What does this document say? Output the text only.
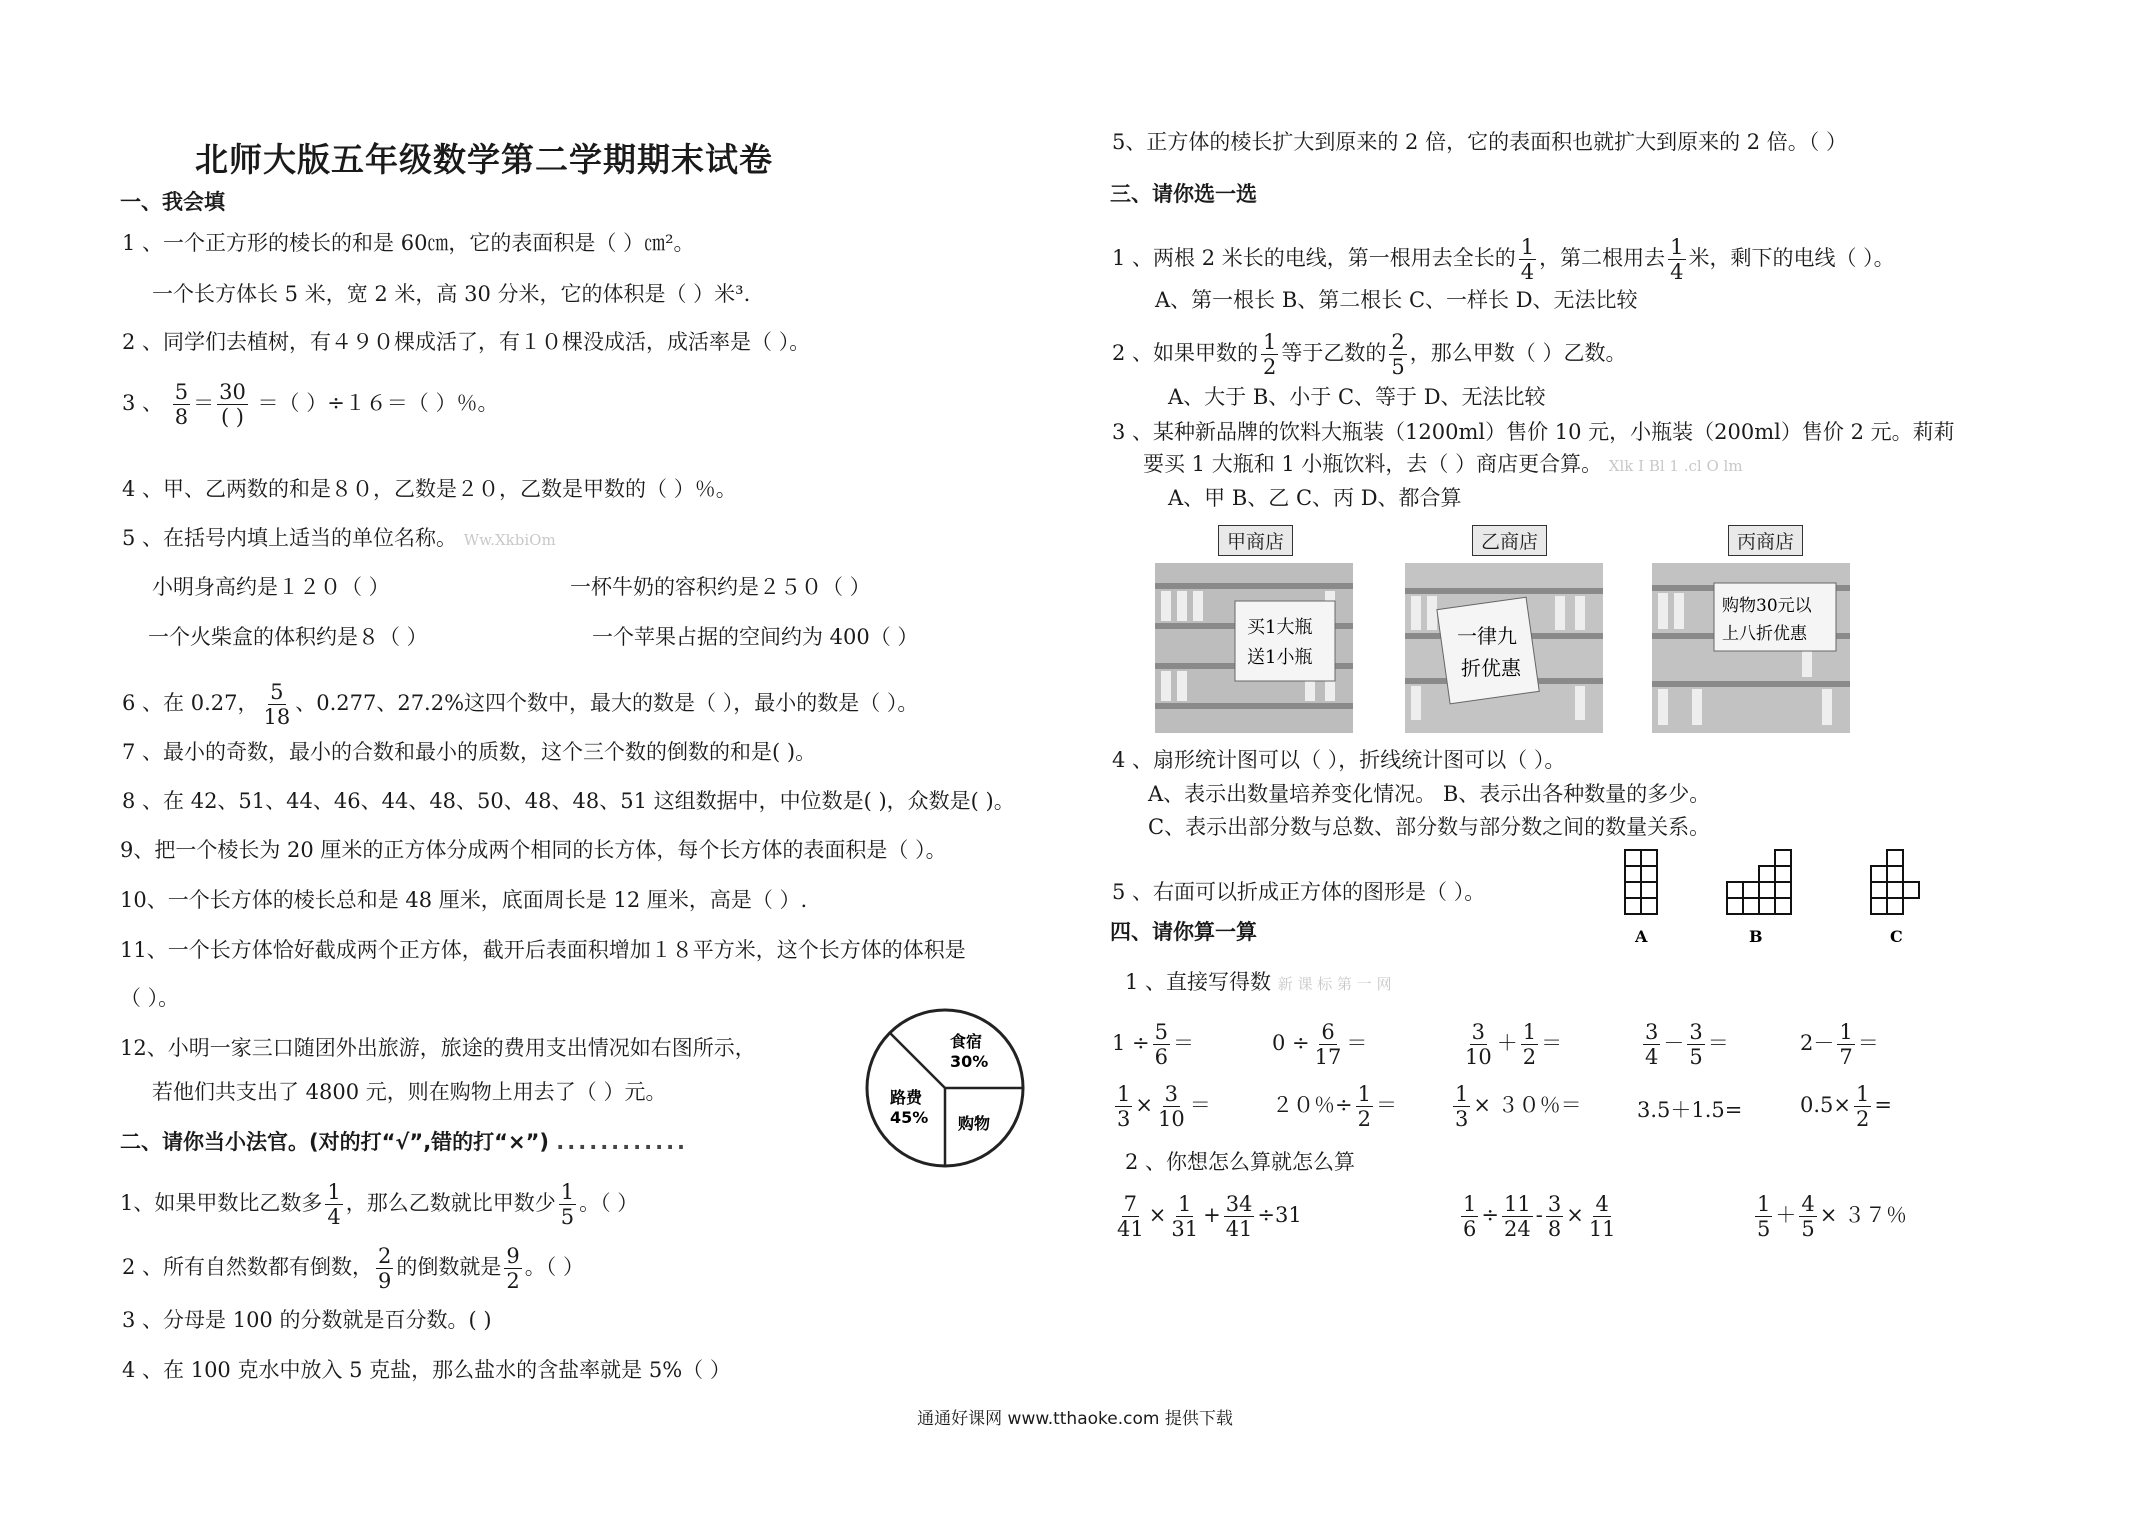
北师大版五年级数学第二学期期末试卷
一、我会填
1 、一个正方形的棱长的和是 60㎝，它的表面积是（ ）㎝²。
一个长方体长 5 米，宽 2 米，高 30 分米，它的体积是（ ）米³.
2 、同学们去植树，有４９０棵成活了，有１０棵没成活，成活率是（ ）。
3 、 $\frac{5}{8} = \frac{30}{( )}$ ＝（ ）÷１６＝（ ）％。
4 、甲、乙两数的和是８０，乙数是２０，乙数是甲数的（ ）％。
5 、在括号内填上适当的单位名称。 Ww.XkbiOm
小明身高约是１２０（ ）	一杯牛奶的容积约是２５０（ ）
一个火柴盒的体积约是８（ ）	一个苹果占据的空间约为 400（ ）
6 、在 0.27， $\frac{5}{18}$ 、0.277、27.2%这四个数中，最大的数是（ ），最小的数是（ ）。
7 、最小的奇数，最小的合数和最小的质数，这个三个数的倒数的和是( )。
8 、在 42、51、44、46、44、48、50、48、48、51 这组数据中，中位数是( )，众数是( )。
9、把一个棱长为 20 厘米的正方体分成两个相同的长方体，每个长方体的表面积是（ ）。
10、一个长方体的棱长总和是 48 厘米，底面周长是 12 厘米，高是（ ）.
11、一个长方体恰好截成两个正方体，截开后表面积增加１８平方米，这个长方体的体积是
（ ）。
12、小明一家三口随团外出旅游，旅途的费用支出情况如右图所示，
若他们共支出了 4800 元，则在购物上用去了（ ）元。
食宿
30%
路费
45% 购物
二、请你当小法官。(对的打“√”,错的打“×”) ............
1、如果甲数比乙数多 $\frac{1}{4}$ ，那么乙数就比甲数少 $\frac{1}{5}$ 。（ ）
2 、所有自然数都有倒数， $\frac{2}{9}$ 的倒数就是 $\frac{9}{2}$ 。（ ）
3 、分母是 100 的分数就是百分数。( )
4 、在 100 克水中放入 5 克盐，那么盐水的含盐率就是 5%（ ）
5、正方体的棱长扩大到原来的 2 倍，它的表面积也就扩大到原来的 2 倍。（ ）
三、请你选一选
1 、两根 2 米长的电线，第一根用去全长的 $\frac{1}{4}$ ，第二根用去 $\frac{1}{4}$ 米，剩下的电线（ ）。
A、第一根长 B、第二根长 C、一样长 D、无法比较
2 、如果甲数的 $\frac{1}{2}$ 等于乙数的 $\frac{2}{5}$ ，那么甲数（ ）乙数。
A、大于 B、小于 C、等于 D、无法比较
3 、某种新品牌的饮料大瓶装（1200ml）售价 10 元，小瓶装（200ml）售价 2 元。莉莉
要买 1 大瓶和 1 小瓶饮料，去（ ）商店更合算。 Xlk I Bl 1 .cl O lm
A、甲 B、乙 C、丙 D、都合算
甲商店	乙商店	丙商店
买1大瓶
送1小瓶
一律九
折优惠
购物30元以
上八折优惠
4 、扇形统计图可以（ ），折线统计图可以（ ）。
A、表示出数量培养变化情况。 B、表示出各种数量的多少。
C、表示出部分数与总数、部分数与部分数之间的数量关系。
5 、右面可以折成正方体的图形是（ ）。
A	B	C
四、请你算一算
1 、直接写得数 新 课 标 第 一 网
$1 \div \frac{5}{6}$ ＝	$0 \div \frac{6}{17}$ ＝	$\frac{3}{10} + \frac{1}{2}$ ＝	$\frac{3}{4} - \frac{3}{5}$ ＝	$2- \frac{1}{7}$ ＝
$\frac{1}{3} \times \frac{3}{10}$ ＝	２０％÷ $\frac{1}{2}$ ＝	$\frac{1}{3} \times 30$％＝	3.5＋1.5=	$0.5\times \frac{1}{2}$ =
2 、你想怎么算就怎么算
$\frac{7}{41} \times \frac{1}{31} + \frac{34}{41} \div 31$	$\frac{1}{6} \div \frac{11}{24} - \frac{3}{8} \times \frac{4}{11}$	$\frac{1}{5} + \frac{4}{5} \times 37$％
通通好课网 www.tthaoke.com 提供下载
